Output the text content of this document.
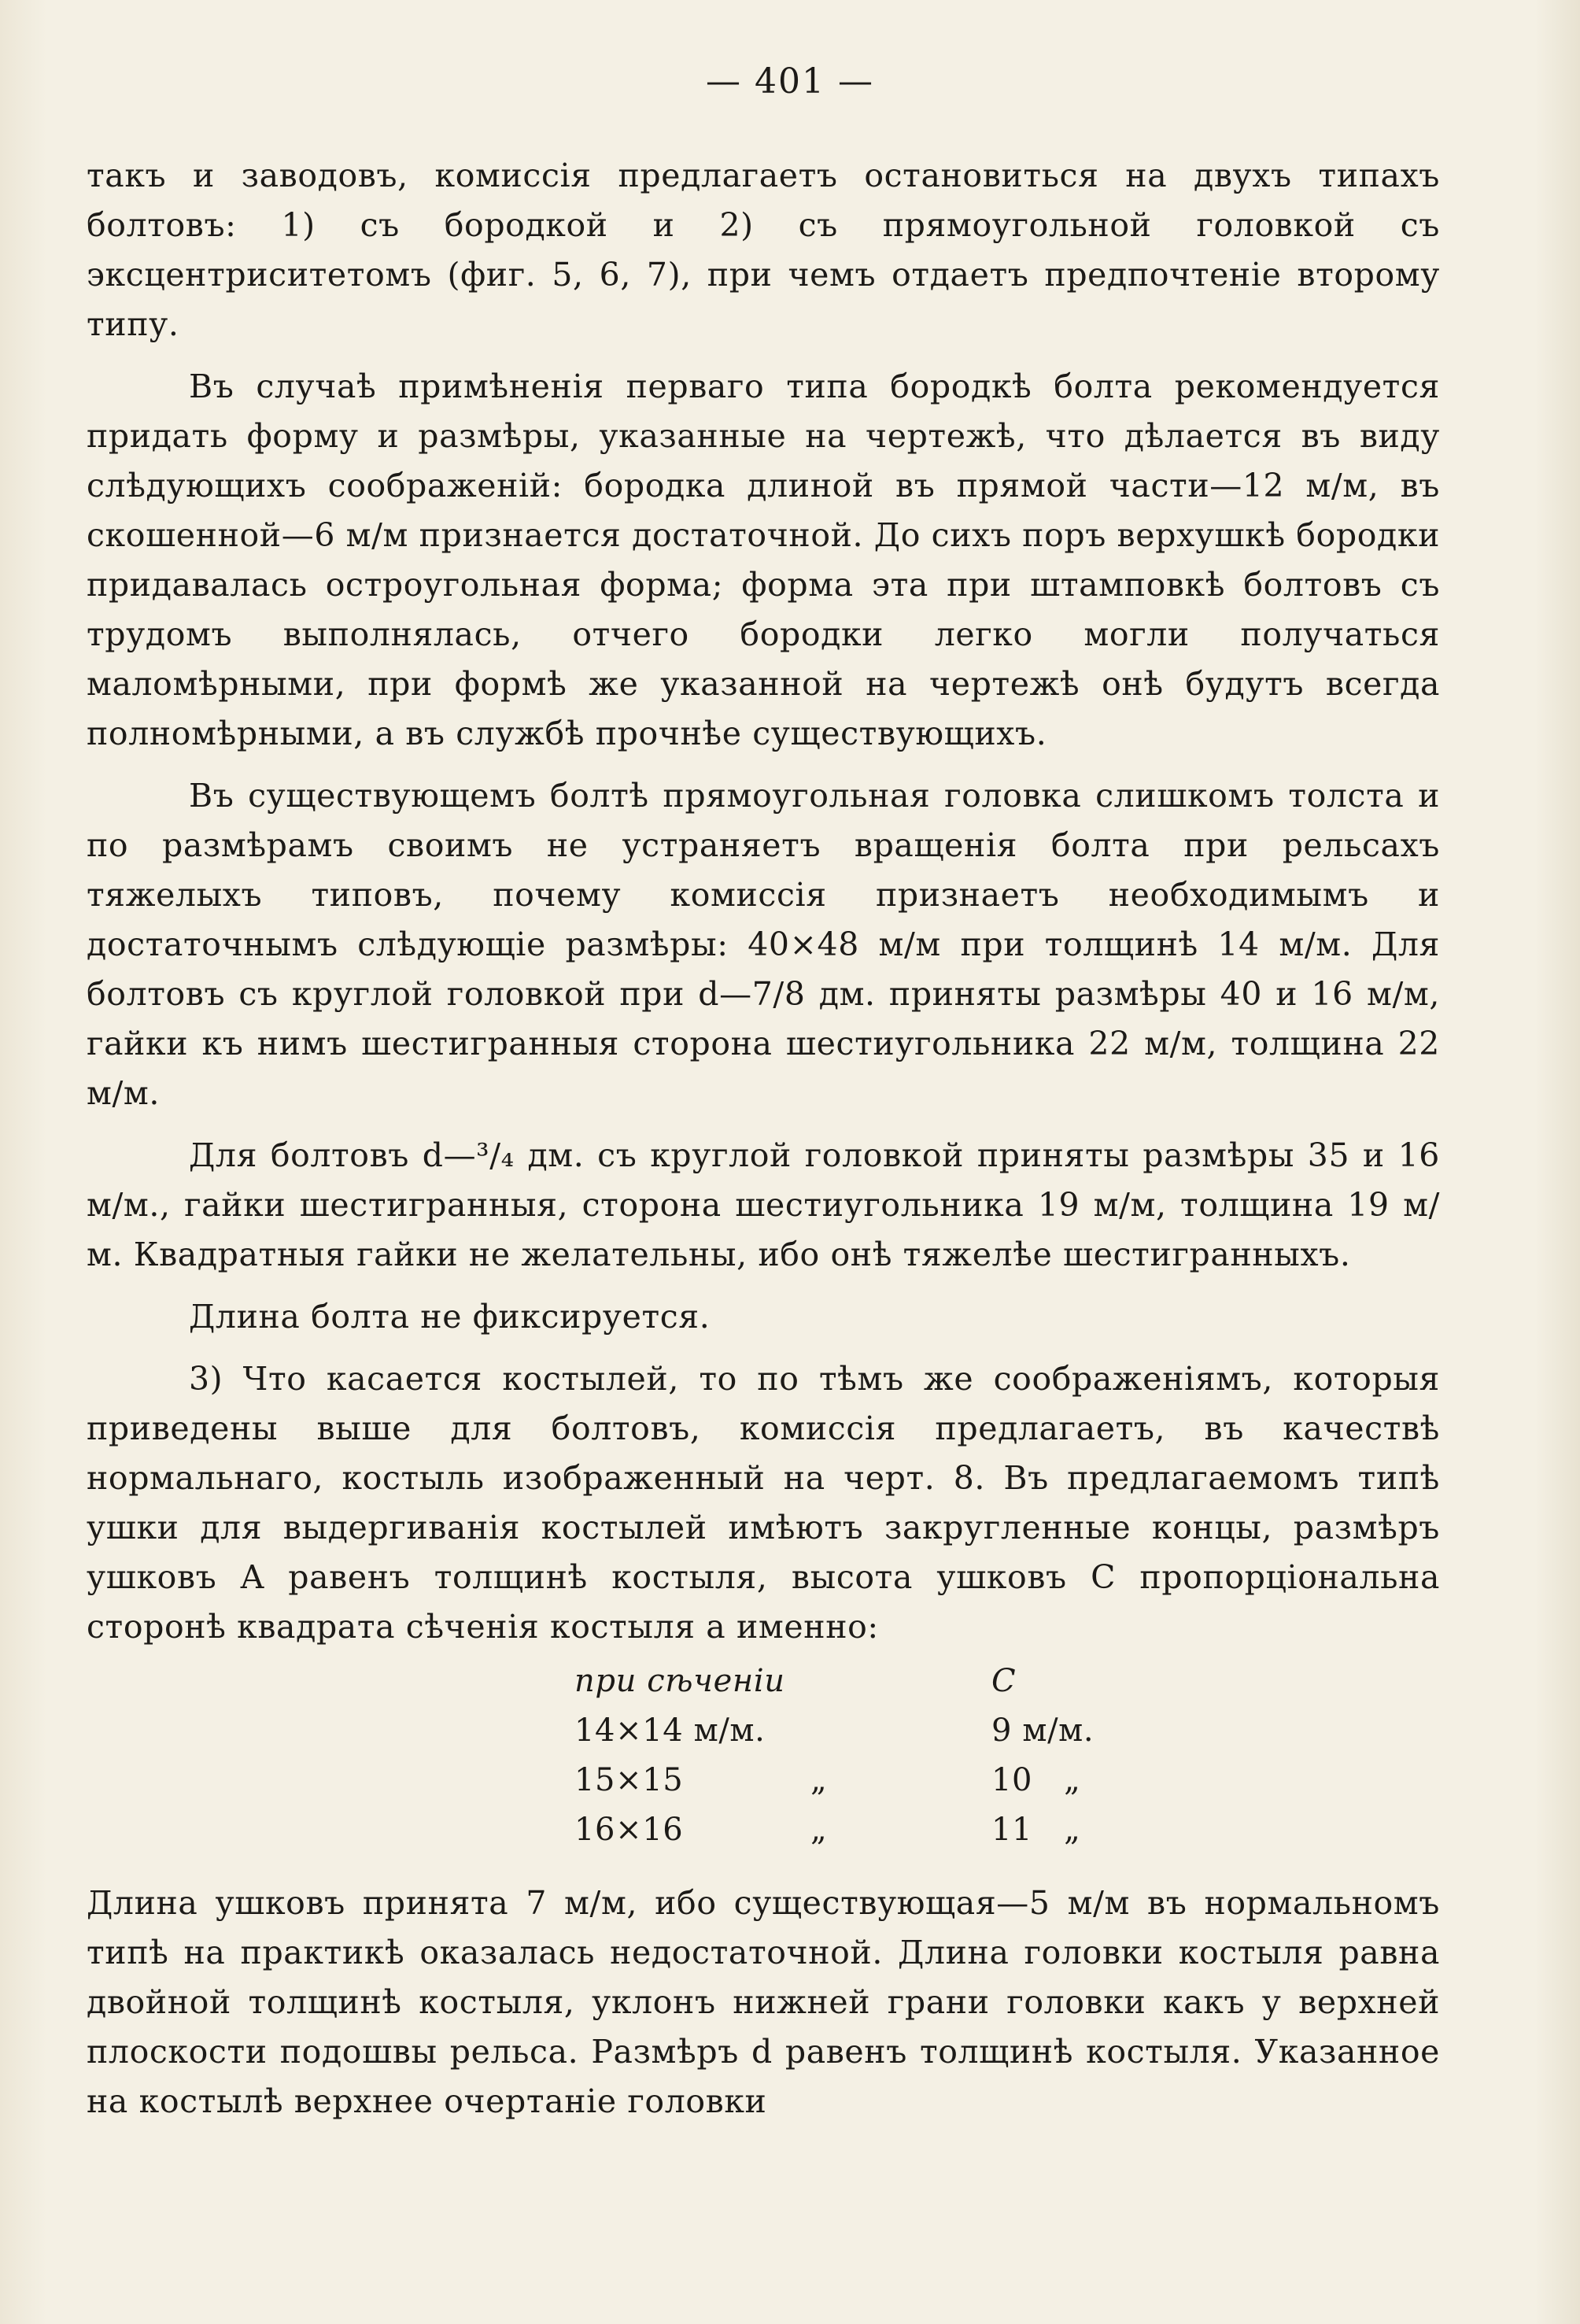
— 401 —

такъ и заводовъ, комиссія предлагаетъ остановиться на двухъ типахъ болтовъ: 1) съ бородкой и 2) съ прямоугольной головкой съ эксцентриситетомъ (фиг. 5, 6, 7), при чемъ отдаетъ предпочтеніе второму типу.

Въ случаѣ примѣненія перваго типа бородкѣ болта рекомендуется придать форму и размѣры, указанные на чертежѣ, что дѣлается въ виду слѣдующихъ соображеній: бородка длиной въ прямой части—12 м/м, въ скошенной—6 м/м признается достаточной. До сихъ поръ верхушкѣ бородки придавалась остроугольная форма; форма эта при штамповкѣ болтовъ съ трудомъ выполнялась, отчего бородки легко могли получаться маломѣрными, при формѣ же указанной на чертежѣ онѣ будутъ всегда полномѣрными, а въ службѣ прочнѣе существующихъ.

Въ существующемъ болтѣ прямоугольная головка слишкомъ толста и по размѣрамъ своимъ не устраняетъ вращенія болта при рельсахъ тяжелыхъ типовъ, почему комиссія признаетъ необходимымъ и достаточнымъ слѣдующіе размѣры: 40×48 м/м при толщинѣ 14 м/м. Для болтовъ съ круглой головкой при d—7/8 дм. приняты размѣры 40 и 16 м/м, гайки къ нимъ шестигранныя сторона шестиугольника 22 м/м, толщина 22 м/м.

Для болтовъ d—³/₄ дм. съ круглой головкой приняты размѣры 35 и 16 м/м., гайки шестигранныя, сторона шестиугольника 19 м/м, толщина 19 м/м. Квадратныя гайки не желательны, ибо онѣ тяжелѣе шестигранныхъ.

Длина болта не фиксируется.

3) Что касается костылей, то по тѣмъ же соображеніямъ, которыя приведены выше для болтовъ, комиссія предлагаетъ, въ качествѣ нормальнаго, костыль изображенный на черт. 8. Въ предлагаемомъ типѣ ушки для выдергиванія костылей имѣютъ закругленные концы, размѣръ ушковъ A равенъ толщинѣ костыля, высота ушковъ C пропорціональна сторонѣ квадрата сѣченія костыля а именно:

при сѣченіи		C
14×14 м/м.		9 м/м.
15×15	„	10 „
16×16	„	11 „

Длина ушковъ принята 7 м/м, ибо существующая—5 м/м въ нормальномъ типѣ на практикѣ оказалась недостаточной. Длина головки костыля равна двойной толщинѣ костыля, уклонъ нижней грани головки какъ у верхней плоскости подошвы рельса. Размѣръ d равенъ толщинѣ костыля. Указанное на костылѣ верхнее очертаніе головки
